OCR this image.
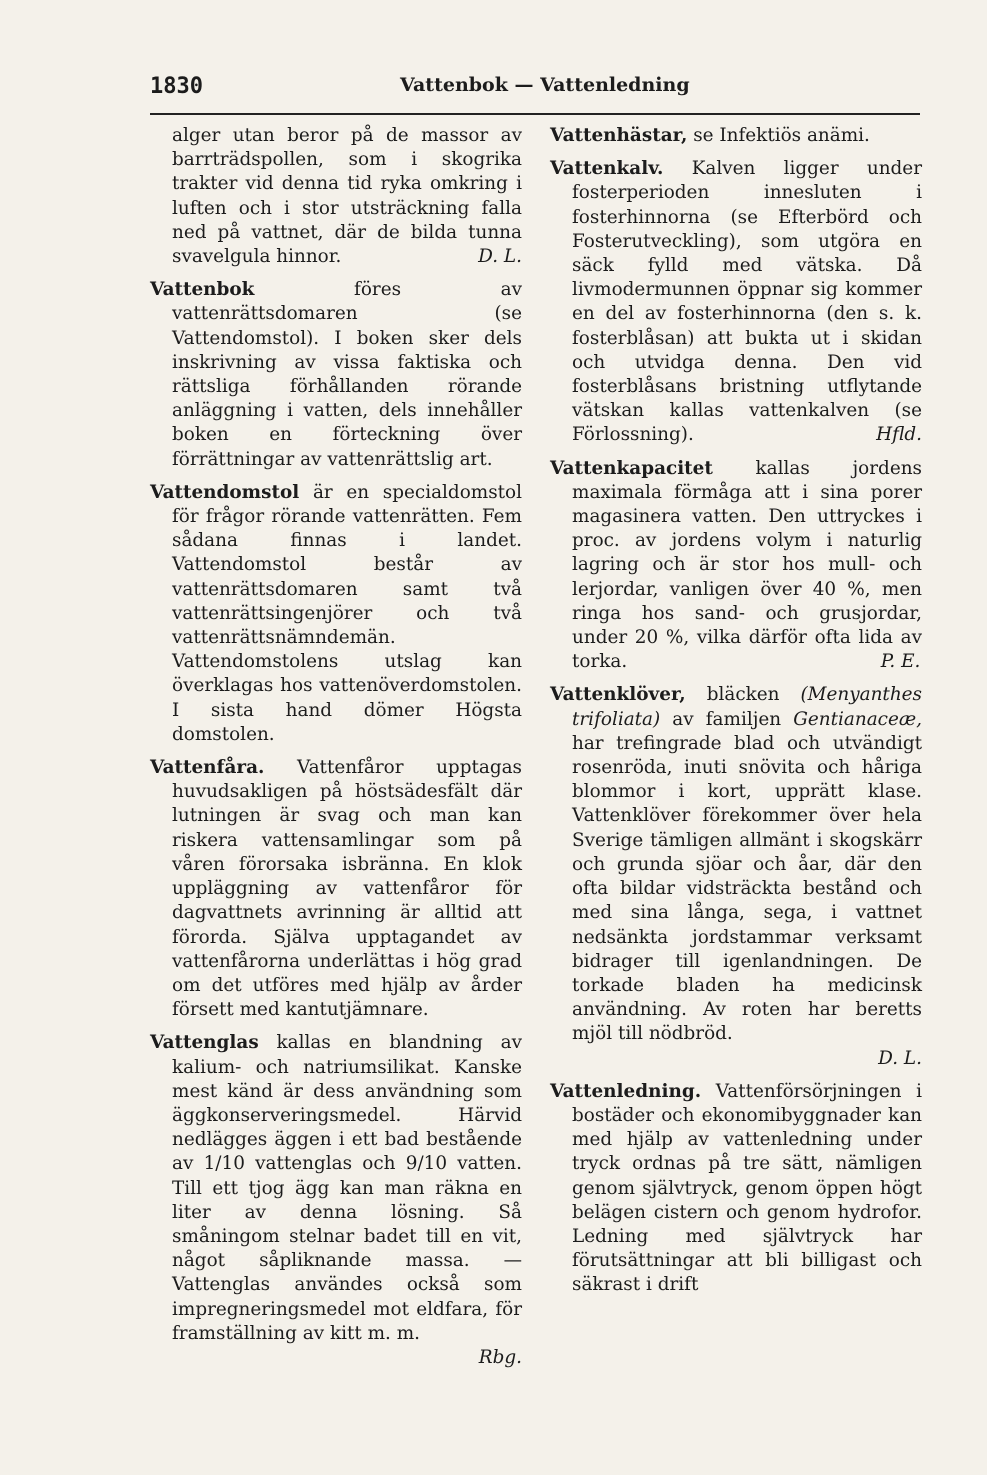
1830	Vattenbok — Vattenledning

alger utan beror på de massor av barrträdspollen, som i skogrika trakter vid denna tid ryka omkring i luften och i stor utsträckning falla ned på vattnet, där de bilda tunna svavelgula hinnor.	D. L.

Vattenbok föres av vattenrättsdomaren (se Vattendomstol). I boken sker dels inskrivning av vissa faktiska och rättsliga förhållanden rörande anläggning i vatten, dels innehåller boken en förteckning över förrättningar av vattenrättslig art.

Vattendomstol är en specialdomstol för frågor rörande vattenrätten. Fem sådana finnas i landet. Vattendomstol består av vattenrättsdomaren samt två vattenrättsingenjörer och två vattenrättsnämndemän. Vattendomstolens utslag kan överklagas hos vattenöverdomstolen. I sista hand dömer Högsta domstolen.

Vattenfåra. Vattenfåror upptagas huvudsakligen på höstsädesfält där lutningen är svag och man kan riskera vattensamlingar som på våren förorsaka isbränna. En klok uppläggning av vattenfåror för dagvattnets avrinning är alltid att förorda. Själva upptagandet av vattenfårorna underlättas i hög grad om det utföres med hjälp av årder försett med kantutjämnare.

Vattenglas kallas en blandning av kalium- och natriumsilikat. Kanske mest känd är dess användning som äggkonserveringsmedel. Härvid nedlägges äggen i ett bad bestående av 1/10 vattenglas och 9/10 vatten. Till ett tjog ägg kan man räkna en liter av denna lösning. Så småningom stelnar badet till en vit, något såpliknande massa. — Vattenglas användes också som impregneringsmedel mot eldfara, för framställning av kitt m. m.
Rbg.

Vattenhästar, se Infektiös anämi.

Vattenkalv. Kalven ligger under fosterperioden innesluten i fosterhinnorna (se Efterbörd och Fosterutveckling), som utgöra en säck fylld med vätska. Då livmodermunnen öppnar sig kommer en del av fosterhinnorna (den s. k. fosterblåsan) att bukta ut i skidan och utvidga denna. Den vid fosterblåsans bristning utflytande vätskan kallas vattenkalven (se Förlossning).	Hfld.

Vattenkapacitet kallas jordens maximala förmåga att i sina porer magasinera vatten. Den uttryckes i proc. av jordens volym i naturlig lagring och är stor hos mull- och lerjordar, vanligen över 40 %, men ringa hos sand- och grusjordar, under 20 %, vilka därför ofta lida av torka.	P. E.

Vattenklöver, bläcken (Menyanthes trifoliata) av familjen Gentianaceæ, har trefingrade blad och utvändigt rosenröda, inuti snövita och håriga blommor i kort, upprätt klase. Vattenklöver förekommer över hela Sverige tämligen allmänt i skogskärr och grunda sjöar och åar, där den ofta bildar vidsträckta bestånd och med sina långa, sega, i vattnet nedsänkta jordstammar verksamt bidrager till igenlandningen. De torkade bladen ha medicinsk användning. Av roten har beretts mjöl till nödbröd.
D. L.

Vattenledning. Vattenförsörjningen i bostäder och ekonomibyggnader kan med hjälp av vattenledning under tryck ordnas på tre sätt, nämligen genom självtryck, genom öppen högt belägen cistern och genom hydrofor. Ledning med självtryck har förutsättningar att bli billigast och säkrast i drift
